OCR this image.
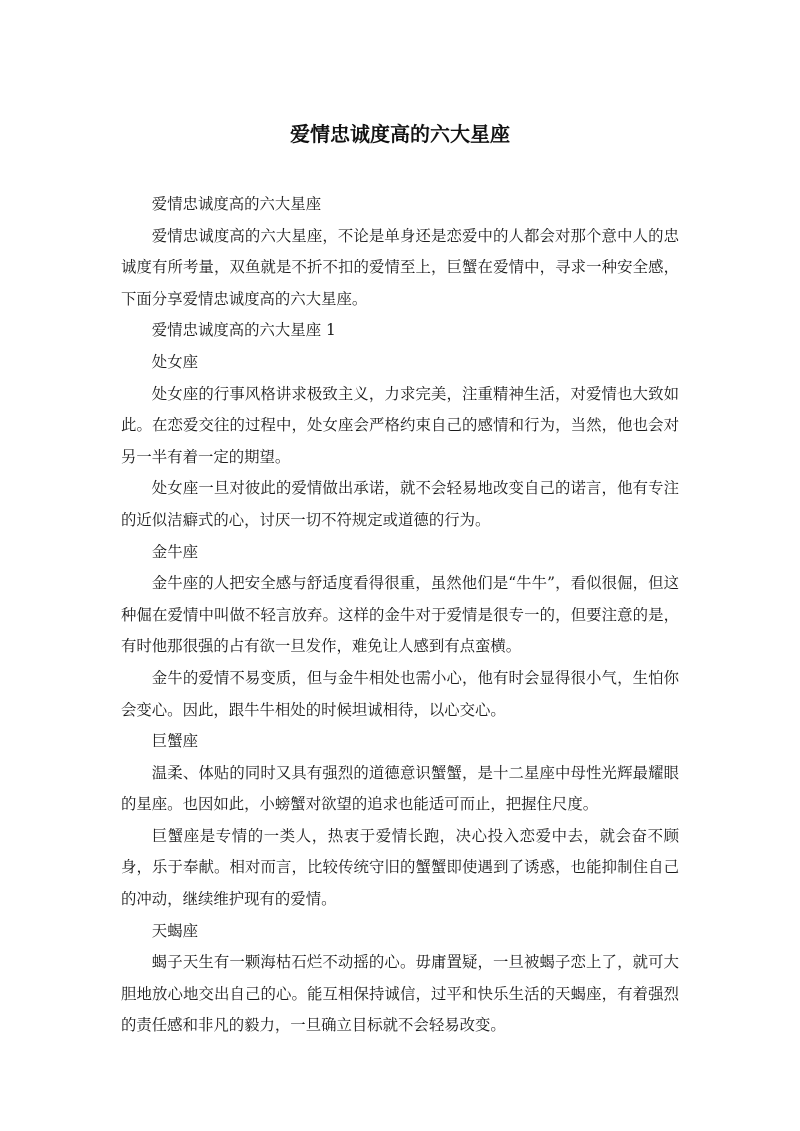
爱情忠诚度高的六大星座

爱情忠诚度高的六大星座

爱情忠诚度高的六大星座，不论是单身还是恋爱中的人都会对那个意中人的忠诚度有所考量，双鱼就是不折不扣的爱情至上，巨蟹在爱情中，寻求一种安全感，下面分享爱情忠诚度高的六大星座。

爱情忠诚度高的六大星座 1

处女座

处女座的行事风格讲求极致主义，力求完美，注重精神生活，对爱情也大致如此。在恋爱交往的过程中，处女座会严格约束自己的感情和行为，当然，他也会对另一半有着一定的期望。

处女座一旦对彼此的爱情做出承诺，就不会轻易地改变自己的诺言，他有专注的近似洁癖式的心，讨厌一切不符规定或道德的行为。

金牛座

金牛座的人把安全感与舒适度看得很重，虽然他们是“牛牛”，看似很倔，但这种倔在爱情中叫做不轻言放弃。这样的金牛对于爱情是很专一的，但要注意的是，有时他那很强的占有欲一旦发作，难免让人感到有点蛮横。

金牛的爱情不易变质，但与金牛相处也需小心，他有时会显得很小气，生怕你会变心。因此，跟牛牛相处的时候坦诚相待，以心交心。

巨蟹座

温柔、体贴的同时又具有强烈的道德意识蟹蟹，是十二星座中母性光辉最耀眼的星座。也因如此，小螃蟹对欲望的追求也能适可而止，把握住尺度。

巨蟹座是专情的一类人，热衷于爱情长跑，决心投入恋爱中去，就会奋不顾身，乐于奉献。相对而言，比较传统守旧的蟹蟹即使遇到了诱惑，也能抑制住自己的冲动，继续维护现有的爱情。

天蝎座

蝎子天生有一颗海枯石烂不动摇的心。毋庸置疑，一旦被蝎子恋上了，就可大胆地放心地交出自己的心。能互相保持诚信，过平和快乐生活的天蝎座，有着强烈的责任感和非凡的毅力，一旦确立目标就不会轻易改变。
